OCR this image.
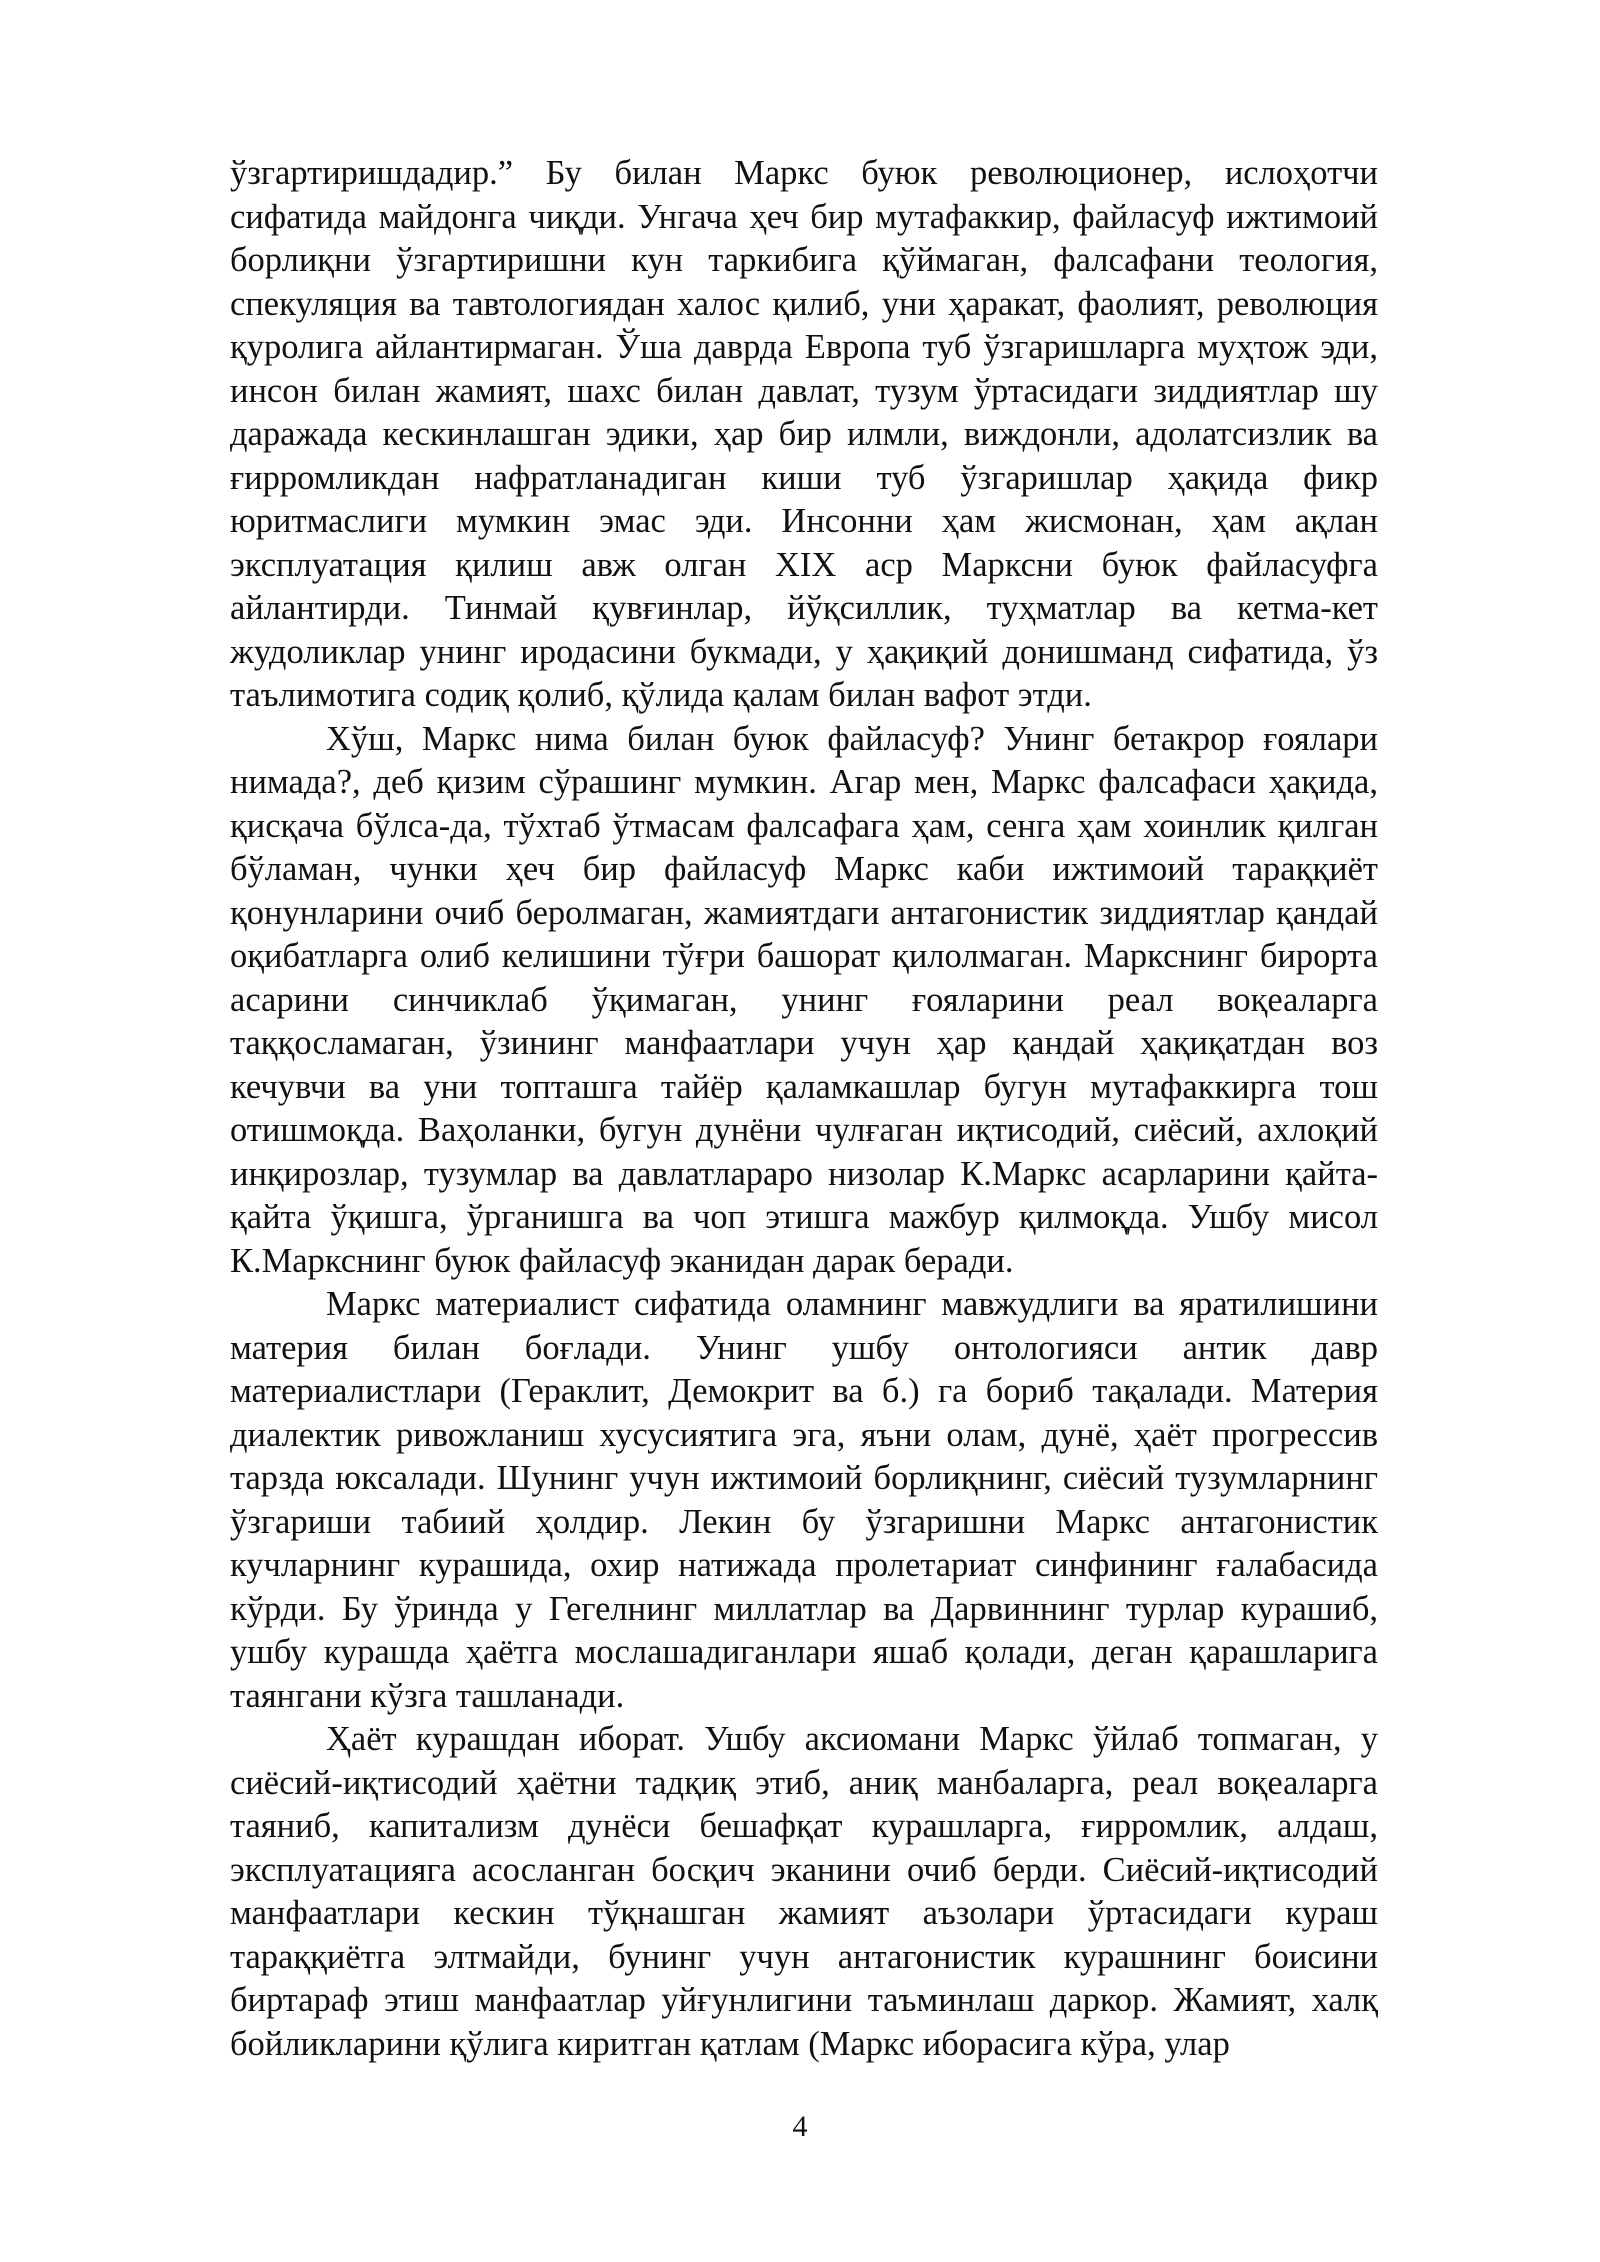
ўзгартиришдадир.” Бу билан Маркс буюк революционер, ислоҳотчи сифатида майдонга чиқди. Унгача ҳеч бир мутафаккир, файласуф ижтимоий борлиқни ўзгартиришни кун таркибига қўймаган, фалсафани теология, спекуляция ва тавтологиядан халос қилиб, уни ҳаракат, фаолият, революция қуролига айлантирмаган. Ўша даврда Европа туб ўзгаришларга муҳтож эди, инсон билан жамият, шахс билан давлат, тузум ўртасидаги зиддиятлар шу даражада кескинлашган эдики, ҳар бир илмли, виждонли, адолатсизлик ва ғирромликдан нафратланадиган киши туб ўзгаришлар ҳақида фикр юритмаслиги мумкин эмас эди. Инсонни ҳам жисмонан, ҳам ақлан эксплуатация қилиш авж олган XIX аср Марксни буюк файласуфга айлантирди. Тинмай қувғинлар, йўқсиллик, туҳматлар ва кетма-кет жудоликлар унинг иродасини букмади, у ҳақиқий донишманд сифатида, ўз таълимотига содиқ қолиб, қўлида қалам билан вафот этди.

Хўш, Маркс нима билан буюк файласуф? Унинг бетакрор ғоялари нимада?, деб қизим сўрашинг мумкин. Агар мен, Маркс фалсафаси ҳақида, қисқача бўлса-да, тўхтаб ўтмасам фалсафага ҳам, сенга ҳам хоинлик қилган бўламан, чунки ҳеч бир файласуф Маркс каби ижтимоий тараққиёт қонунларини очиб беролмаган, жамиятдаги антагонистик зиддиятлар қандай оқибатларга олиб келишини тўғри башорат қилолмаган. Маркснинг бирорта асарини синчиклаб ўқимаган, унинг ғояларини реал воқеаларга таққосламаган, ўзининг манфаатлари учун ҳар қандай ҳақиқатдан воз кечувчи ва уни топташга тайёр қаламкашлар бугун мутафаккирга тош отишмоқда. Ваҳоланки, бугун дунёни чулғаган иқтисодий, сиёсий, ахлоқий инқирозлар, тузумлар ва давлатлараро низолар К.Маркс асарларини қайта-қайта ўқишга, ўрганишга ва чоп этишга мажбур қилмоқда. Ушбу мисол К.Маркснинг буюк файласуф эканидан дарак беради.

Маркс материалист сифатида оламнинг мавжудлиги ва яратилишини материя билан боғлади. Унинг ушбу онтологияси антик давр материалистлари (Гераклит, Демокрит ва б.) га бориб тақалади. Материя диалектик ривожланиш хусусиятига эга, яъни олам, дунё, ҳаёт прогрессив тарзда юксалади. Шунинг учун ижтимоий борлиқнинг, сиёсий тузумларнинг ўзгариши табиий ҳолдир. Лекин бу ўзгаришни Маркс антагонистик кучларнинг курашида, охир натижада пролетариат синфининг ғалабасида кўрди. Бу ўринда у Гегелнинг миллатлар ва Дарвиннинг турлар курашиб, ушбу курашда ҳаётга мослашадиганлари яшаб қолади, деган қарашларига таянгани кўзга ташланади.

Ҳаёт курашдан иборат. Ушбу аксиомани Маркс ўйлаб топмаган, у сиёсий-иқтисодий ҳаётни тадқиқ этиб, аниқ манбаларга, реал воқеаларга таяниб, капитализм дунёси бешафқат курашларга, ғирромлик, алдаш, эксплуатацияга асосланган босқич эканини очиб берди. Сиёсий-иқтисодий манфаатлари кескин тўқнашган жамият аъзолари ўртасидаги кураш тараққиётга элтмайди, бунинг учун антагонистик курашнинг боисини биртараф этиш манфаатлар уйғунлигини таъминлаш даркор. Жамият, халқ бойликларини қўлига киритган қатлам (Маркс иборасига кўра, улар

4
